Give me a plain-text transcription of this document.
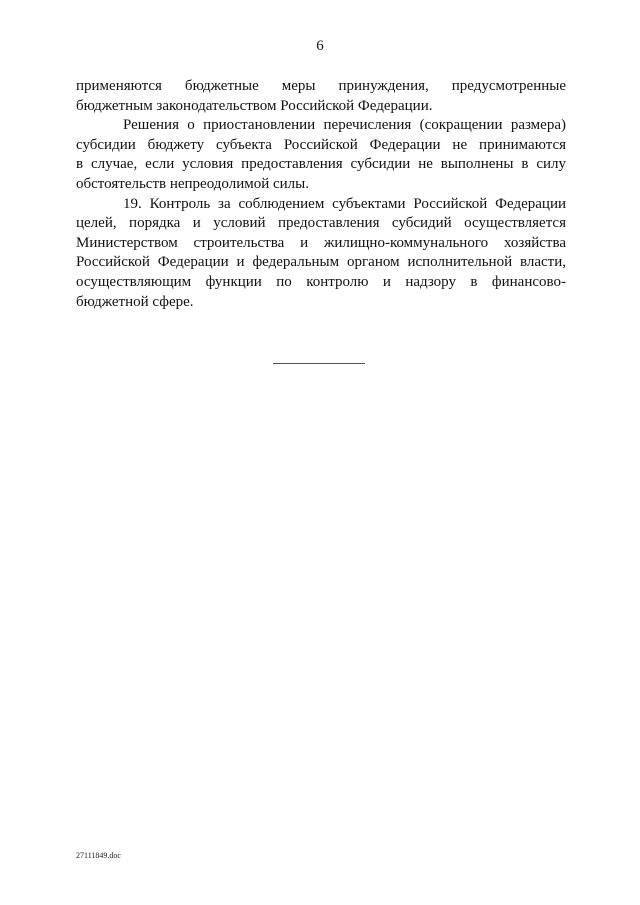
6
применяются бюджетные меры принуждения, предусмотренные
бюджетным законодательством Российской Федерации.
Решения о приостановлении перечисления (сокращении размера)
субсидии бюджету субъекта Российской Федерации не принимаются
в случае, если условия предоставления субсидии не выполнены в силу
обстоятельств непреодолимой силы.
19. Контроль за соблюдением субъектами Российской Федерации
целей, порядка и условий предоставления субсидий осуществляется
Министерством строительства и жилищно-коммунального хозяйства
Российской Федерации и федеральным органом исполнительной власти,
осуществляющим функции по контролю и надзору в финансово-
бюджетной сфере.
27111849.doc
